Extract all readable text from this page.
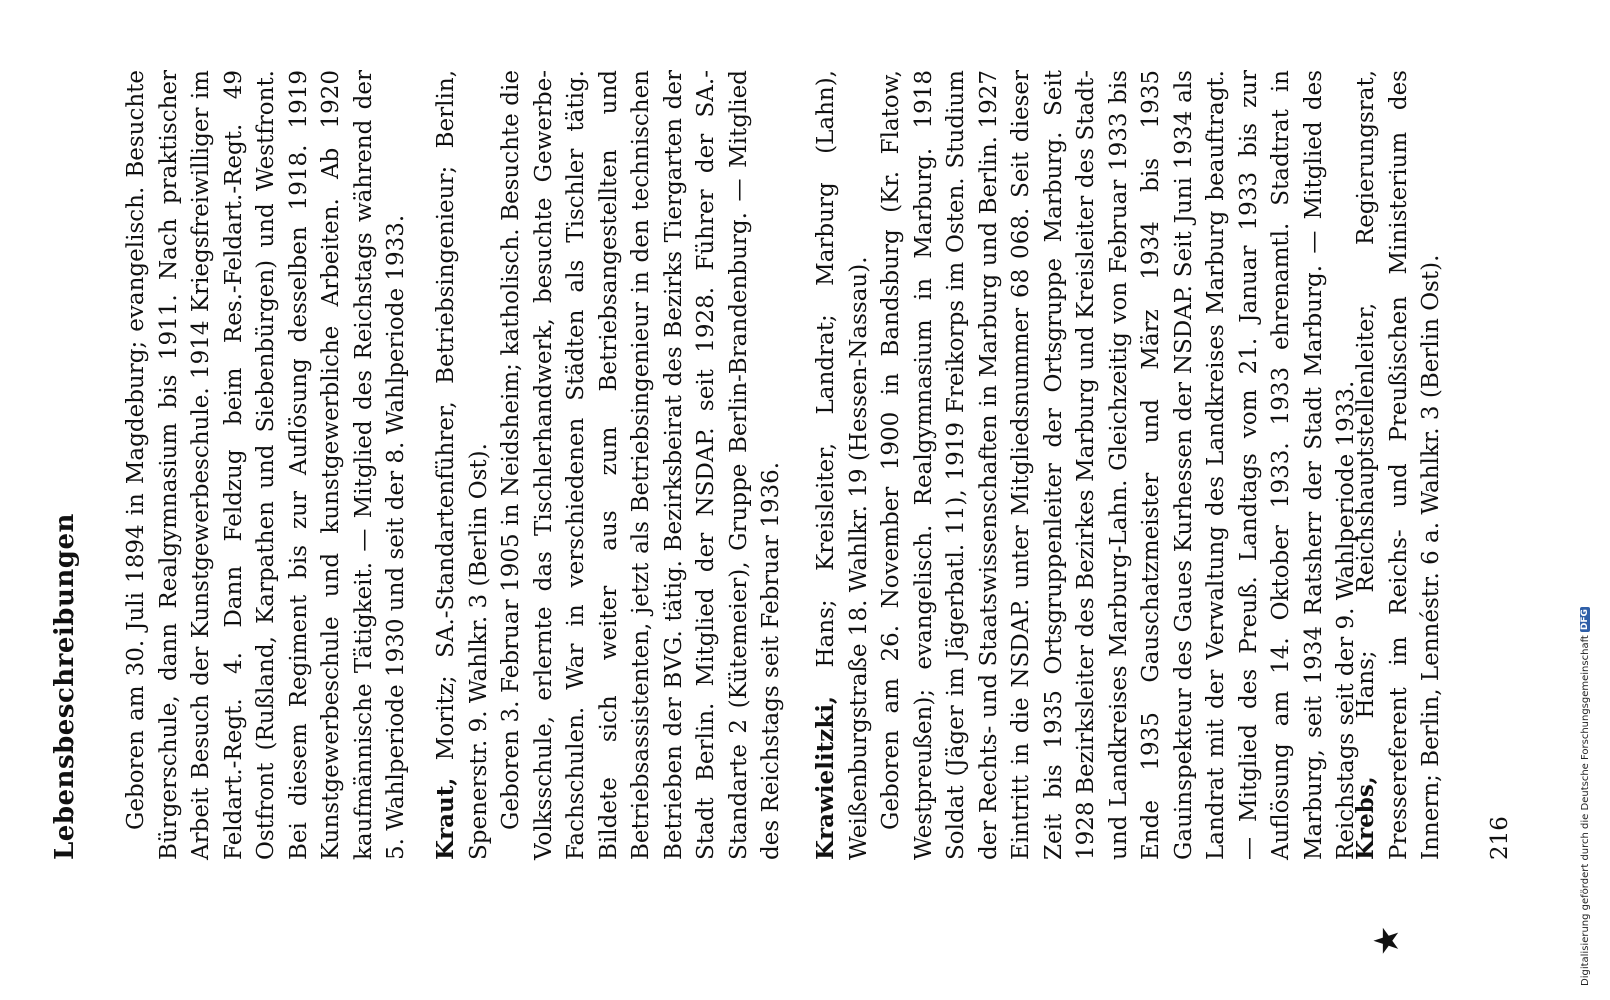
Lebensbeschreibungen Geboren am 30. Juli 1894 in Magdeburg; evangelisch. Besuchte Bürgerschule, dann Realgymnasium bis 1911. Nach praktischer Arbeit Besuch der Kunstgewerbeschule. 1914 Kriegsfreiwilliger im Feldart.-Regt. 4. Dann Feldzug beim Res.-Feldart.-Regt. 49 Ostfront (Rußland, Karpathen und Siebenbürgen) und Westfront. Bei diesem Regiment bis zur Auflösung desselben 1918. 1919 Kunstgewerbeschule und kunstgewerbliche Arbeiten. Ab 1920 kaufmännische Tätigkeit. — Mitglied des Reichstags während der 5. Wahlperiode 1930 und seit der 8. Wahlperiode 1933. Kraut, Moritz; SA.-Standartenführer, Betriebsingenieur; Berlin, Spenerstr. 9. Wahlkr. 3 (Berlin Ost). Geboren 3. Februar 1905 in Neidsheim; katholisch. Besuchte die Volksschule, erlernte das Tischlerhandwerk, besuchte Gewerbe-Fachschulen. War in verschiedenen Städten als Tischler tätig. Bildete sich weiter aus zum Betriebsangestellten und Betriebsassistenten, jetzt als Betriebsingenieur in den technischen Betrieben der BVG. tätig. Bezirksbeirat des Bezirks Tiergarten der Stadt Berlin. Mitglied der NSDAP. seit 1928. Führer der SA.-Standarte 2 (Kütemeier), Gruppe Berlin-Brandenburg. — Mitglied des Reichstags seit Februar 1936. Krawielitzki, Hans; Kreisleiter, Landrat; Marburg (Lahn), Weißenburgstraße 18. Wahlkr. 19 (Hessen-Nassau). Geboren am 26. November 1900 in Bandsburg (Kr. Flatow, Westpreußen); evangelisch. Realgymnasium in Marburg. 1918 Soldat (Jäger im Jägerbatl. 11), 1919 Freikorps im Osten. Studium der Rechts- und Staatswissenschaften in Marburg und Berlin. 1927 Eintritt in die NSDAP. unter Mitgliedsnummer 68 068. Seit dieser Zeit bis 1935 Ortsgruppenleiter der Ortsgruppe Marburg. Seit 1928 Bezirksleiter des Bezirkes Marburg und Kreisleiter des Stadt- und Landkreises Marburg-Lahn. Gleichzeitig von Februar 1933 bis Ende 1935 Gauschatzmeister und März 1934 bis 1935 Gauinspekteur des Gaues Kurhessen der NSDAP. Seit Juni 1934 als Landrat mit der Verwaltung des Landkreises Marburg beauftragt. — Mitglied des Preuß. Landtags vom 21. Januar 1933 bis zur Auflösung am 14. Oktober 1933. 1933 ehrenamtl. Stadtrat in Marburg, seit 1934 Ratsherr der Stadt Marburg. — Mitglied des Reichstags seit der 9. Wahlperiode 1933.

Krebs, Hans; Reichshauptstellenleiter, Regierungsrat, Pressereferent im Reichs- und Preußischen Ministerium des Innern; Berlin, Lennéstr. 6 a. Wahlkr. 3 (Berlin Ost).

★
216	Digitalisierung gefördert durch die Deutsche ForschungsgemeinschaftDFG
